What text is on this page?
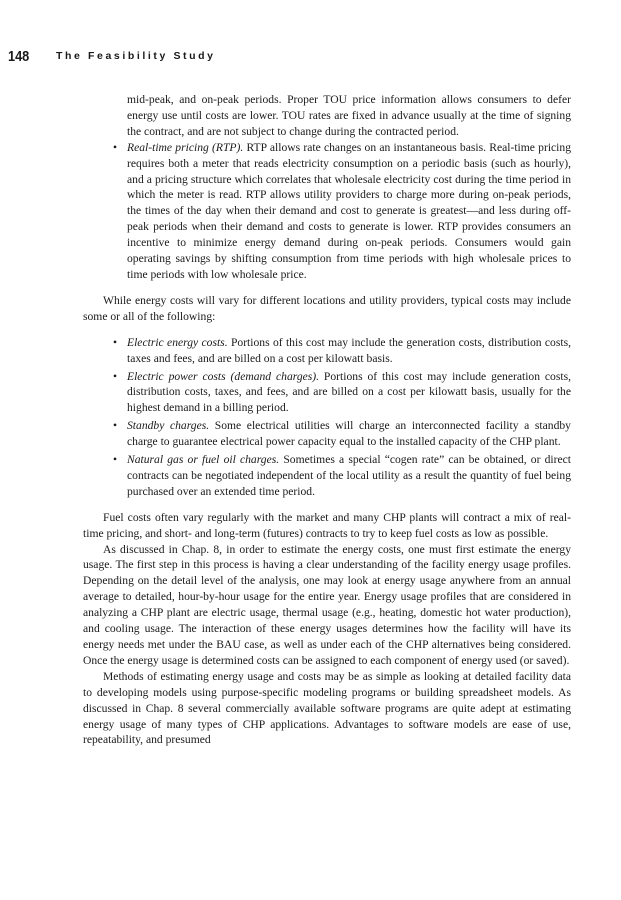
148	The Feasibility Study

mid-peak, and on-peak periods. Proper TOU price information allows consumers to defer energy use until costs are lower. TOU rates are fixed in advance usually at the time of signing the contract, and are not subject to change during the contracted period.

• Real-time pricing (RTP). RTP allows rate changes on an instantaneous basis. Real-time pricing requires both a meter that reads electricity consumption on a periodic basis (such as hourly), and a pricing structure which correlates that wholesale electricity cost during the time period in which the meter is read. RTP allows utility providers to charge more during on-peak periods, the times of the day when their demand and cost to generate is greatest—and less during off-peak periods when their demand and costs to generate is lower. RTP provides consumers an incentive to minimize energy demand during on-peak periods. Consumers would gain operating savings by shifting consumption from time periods with high wholesale prices to time periods with low wholesale price.

While energy costs will vary for different locations and utility providers, typical costs may include some or all of the following:

• Electric energy costs. Portions of this cost may include the generation costs, distribution costs, taxes and fees, and are billed on a cost per kilowatt basis.
• Electric power costs (demand charges). Portions of this cost may include generation costs, distribution costs, taxes, and fees, and are billed on a cost per kilowatt basis, usually for the highest demand in a billing period.
• Standby charges. Some electrical utilities will charge an interconnected facility a standby charge to guarantee electrical power capacity equal to the installed capacity of the CHP plant.
• Natural gas or fuel oil charges. Sometimes a special “cogen rate” can be obtained, or direct contracts can be negotiated independent of the local utility as a result the quantity of fuel being purchased over an extended time period.

Fuel costs often vary regularly with the market and many CHP plants will contract a mix of real-time pricing, and short- and long-term (futures) contracts to try to keep fuel costs as low as possible.

As discussed in Chap. 8, in order to estimate the energy costs, one must first estimate the energy usage. The first step in this process is having a clear understanding of the facility energy usage profiles. Depending on the detail level of the analysis, one may look at energy usage anywhere from an annual average to detailed, hour-by-hour usage for the entire year. Energy usage profiles that are considered in analyzing a CHP plant are electric usage, thermal usage (e.g., heating, domestic hot water production), and cooling usage. The interaction of these energy usages determines how the facility will have its energy needs met under the BAU case, as well as under each of the CHP alternatives being considered. Once the energy usage is determined costs can be assigned to each component of energy used (or saved).

Methods of estimating energy usage and costs may be as simple as looking at detailed facility data to developing models using purpose-specific modeling programs or building spreadsheet models. As discussed in Chap. 8 several commercially available software programs are quite adept at estimating energy usage of many types of CHP applications. Advantages to software models are ease of use, repeatability, and presumed
